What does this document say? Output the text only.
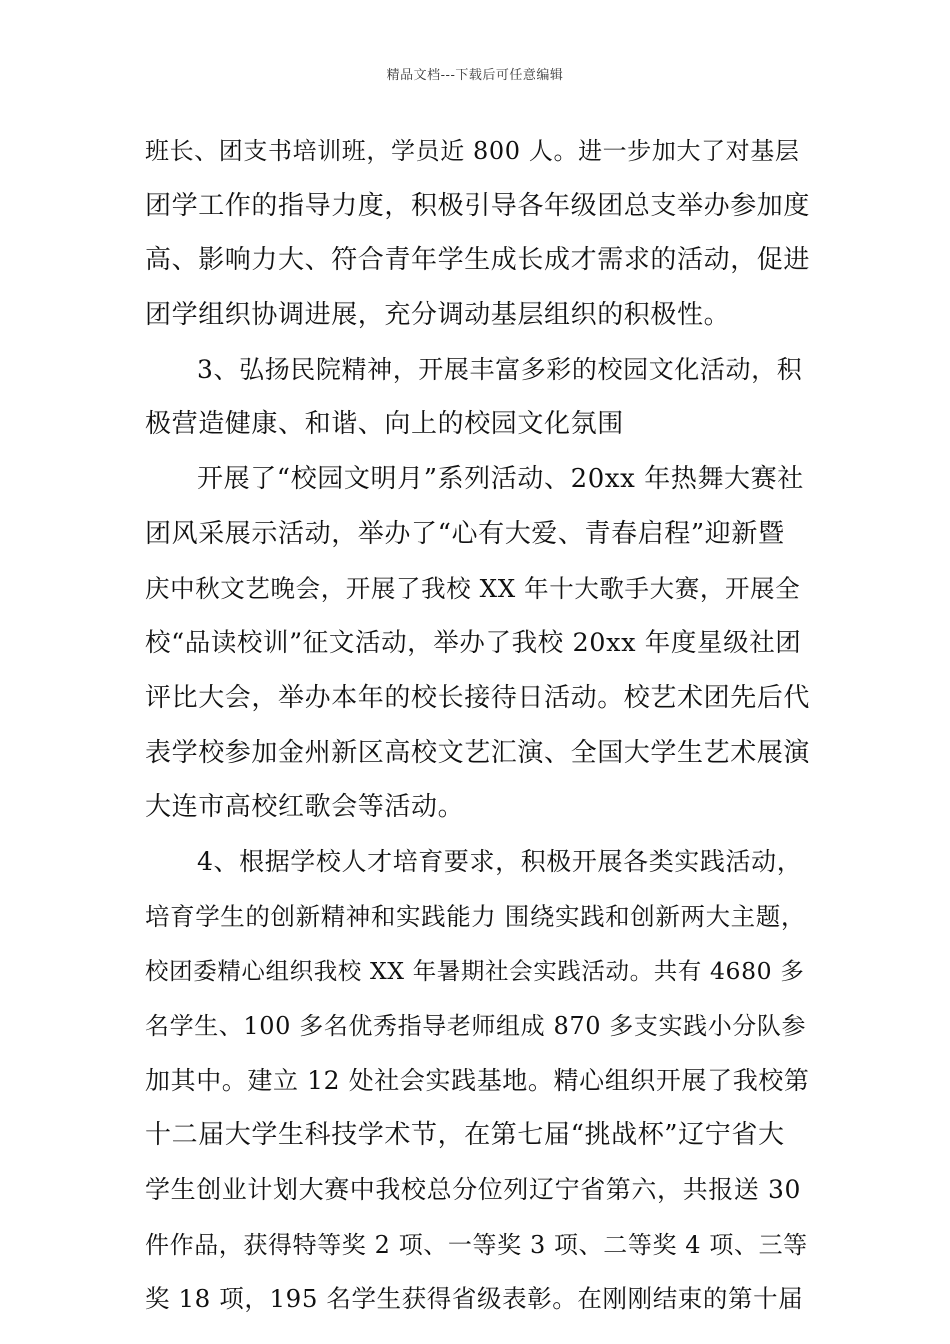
精品文档---下载后可任意编辑
班长、团支书培训班，学员近 800 人。进一步加大了对基层
团学工作的指导力度，积极引导各年级团总支举办参加度
高、影响力大、符合青年学生成长成才需求的活动，促进
团学组织协调进展，充分调动基层组织的积极性。
3、弘扬民院精神，开展丰富多彩的校园文化活动，积
极营造健康、和谐、向上的校园文化氛围
开展了“校园文明月”系列活动、20xx 年热舞大赛社
团风采展示活动，举办了“心有大爱、青春启程”迎新暨
庆中秋文艺晚会，开展了我校 XX 年十大歌手大赛，开展全
校“品读校训”征文活动，举办了我校 20xx 年度星级社团
评比大会，举办本年的校长接待日活动。校艺术团先后代
表学校参加金州新区高校文艺汇演、全国大学生艺术展演
大连市高校红歌会等活动。
4、根据学校人才培育要求，积极开展各类实践活动，
培育学生的创新精神和实践能力 围绕实践和创新两大主题，
校团委精心组织我校 XX 年暑期社会实践活动。共有 4680 多
名学生、100 多名优秀指导老师组成 870 多支实践小分队参
加其中。建立 12 处社会实践基地。精心组织开展了我校第
十二届大学生科技学术节，在第七届“挑战杯”辽宁省大
学生创业计划大赛中我校总分位列辽宁省第六，共报送 30
件作品，获得特等奖 2 项、一等奖 3 项、二等奖 4 项、三等
奖 18 项，195 名学生获得省级表彰。在刚刚结束的第十届
